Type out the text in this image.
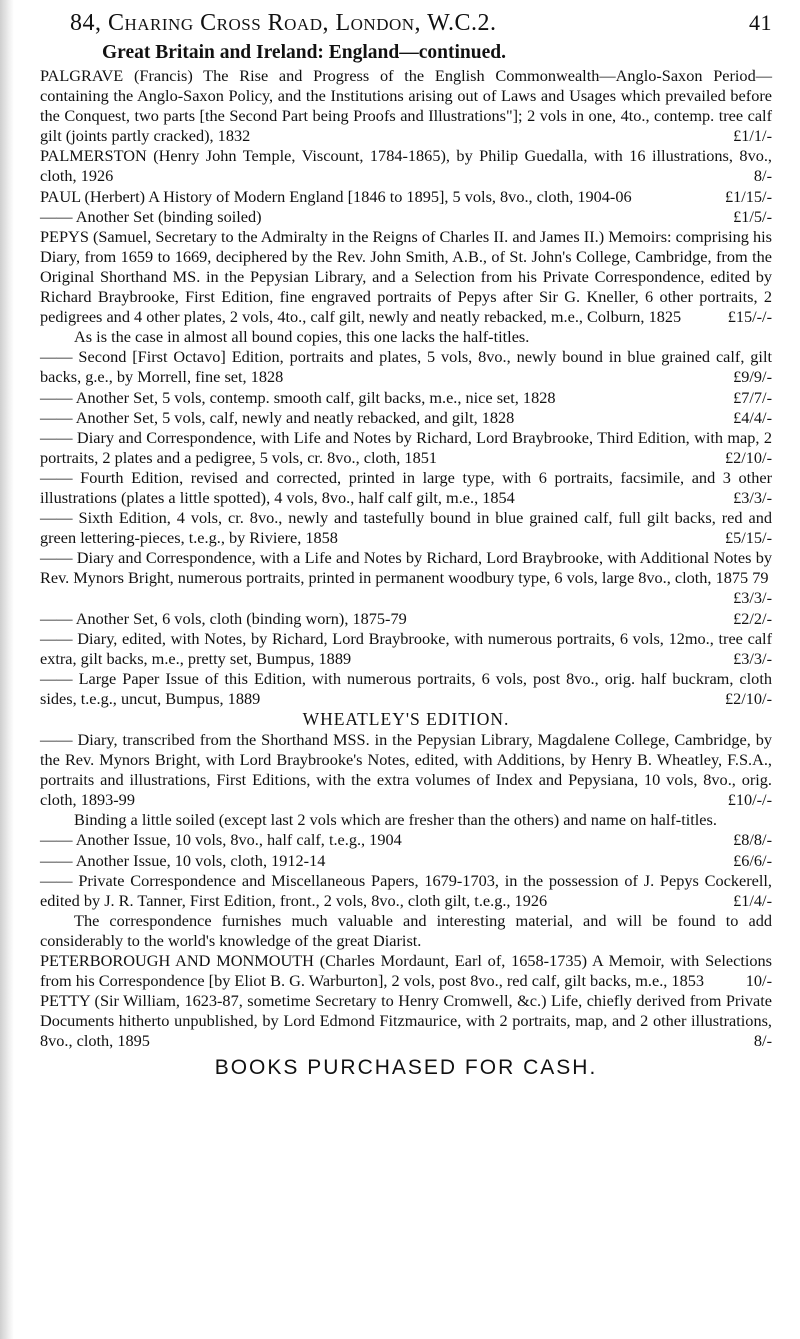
84, Charing Cross Road, London, W.C.2.	41
Great Britain and Ireland: England—continued.

PALGRAVE (Francis) The Rise and Progress of the English Commonwealth—Anglo-Saxon Period—containing the Anglo-Saxon Policy, and the Institutions arising out of Laws and Usages which prevailed before the Conquest, two parts [the Second Part being Proofs and Illustrations"]; 2 vols in one, 4to., contemp. tree calf gilt (joints partly cracked), 1832	£1/1/-

PALMERSTON (Henry John Temple, Viscount, 1784-1865), by Philip Guedalla, with 16 illustrations, 8vo., cloth, 1926	8/-

PAUL (Herbert) A History of Modern England [1846 to 1895], 5 vols, 8vo., cloth, 1904-06	£1/15/-

—— Another Set (binding soiled)	£1/5/-

PEPYS (Samuel, Secretary to the Admiralty in the Reigns of Charles II. and James II.) Memoirs: comprising his Diary, from 1659 to 1669, deciphered by the Rev. John Smith, A.B., of St. John's College, Cambridge, from the Original Shorthand MS. in the Pepysian Library, and a Selection from his Private Correspondence, edited by Richard Braybrooke, First Edition, fine engraved portraits of Pepys after Sir G. Kneller, 6 other portraits, 2 pedigrees and 4 other plates, 2 vols, 4to., calf gilt, newly and neatly rebacked, m.e., Colburn, 1825	£15/-/-

As is the case in almost all bound copies, this one lacks the half-titles.

—— Second [First Octavo] Edition, portraits and plates, 5 vols, 8vo., newly bound in blue grained calf, gilt backs, g.e., by Morrell, fine set, 1828	£9/9/-

—— Another Set, 5 vols, contemp. smooth calf, gilt backs, m.e., nice set, 1828	£7/7/-

—— Another Set, 5 vols, calf, newly and neatly rebacked, and gilt, 1828	£4/4/-

—— Diary and Correspondence, with Life and Notes by Richard, Lord Braybrooke, Third Edition, with map, 2 portraits, 2 plates and a pedigree, 5 vols, cr. 8vo., cloth, 1851	£2/10/-

—— Fourth Edition, revised and corrected, printed in large type, with 6 portraits, facsimile, and 3 other illustrations (plates a little spotted), 4 vols, 8vo., half calf gilt, m.e., 1854	£3/3/-

—— Sixth Edition, 4 vols, cr. 8vo., newly and tastefully bound in blue grained calf, full gilt backs, red and green lettering-pieces, t.e.g., by Riviere, 1858	£5/15/-

—— Diary and Correspondence, with a Life and Notes by Richard, Lord Braybrooke, with Additional Notes by Rev. Mynors Bright, numerous portraits, printed in permanent woodbury type, 6 vols, large 8vo., cloth, 1875 79
£3/3/-

—— Another Set, 6 vols, cloth (binding worn), 1875-79	£2/2/-

—— Diary, edited, with Notes, by Richard, Lord Braybrooke, with numerous portraits, 6 vols, 12mo., tree calf extra, gilt backs, m.e., pretty set, Bumpus, 1889	£3/3/-

—— Large Paper Issue of this Edition, with numerous portraits, 6 vols, post 8vo., orig. half buckram, cloth sides, t.e.g., uncut, Bumpus, 1889	£2/10/-

WHEATLEY'S EDITION.

—— Diary, transcribed from the Shorthand MSS. in the Pepysian Library, Magdalene College, Cambridge, by the Rev. Mynors Bright, with Lord Braybrooke's Notes, edited, with Additions, by Henry B. Wheatley, F.S.A., portraits and illustrations, First Editions, with the extra volumes of Index and Pepysiana, 10 vols, 8vo., orig. cloth, 1893-99	£10/-/-

Binding a little soiled (except last 2 vols which are fresher than the others) and name on half-titles.

—— Another Issue, 10 vols, 8vo., half calf, t.e.g., 1904	£8/8/-

—— Another Issue, 10 vols, cloth, 1912-14	£6/6/-

—— Private Correspondence and Miscellaneous Papers, 1679-1703, in the possession of J. Pepys Cockerell, edited by J. R. Tanner, First Edition, front., 2 vols, 8vo., cloth gilt, t.e.g., 1926	£1/4/-

The correspondence furnishes much valuable and interesting material, and will be found to add considerably to the world's knowledge of the great Diarist.

PETERBOROUGH AND MONMOUTH (Charles Mordaunt, Earl of, 1658-1735) A Memoir, with Selections from his Correspondence [by Eliot B. G. Warburton], 2 vols, post 8vo., red calf, gilt backs, m.e., 1853	10/-

PETTY (Sir William, 1623-87, sometime Secretary to Henry Cromwell, &c.) Life, chiefly derived from Private Documents hitherto unpublished, by Lord Edmond Fitzmaurice, with 2 portraits, map, and 2 other illustrations, 8vo., cloth, 1895	8/-

BOOKS PURCHASED FOR CASH.
